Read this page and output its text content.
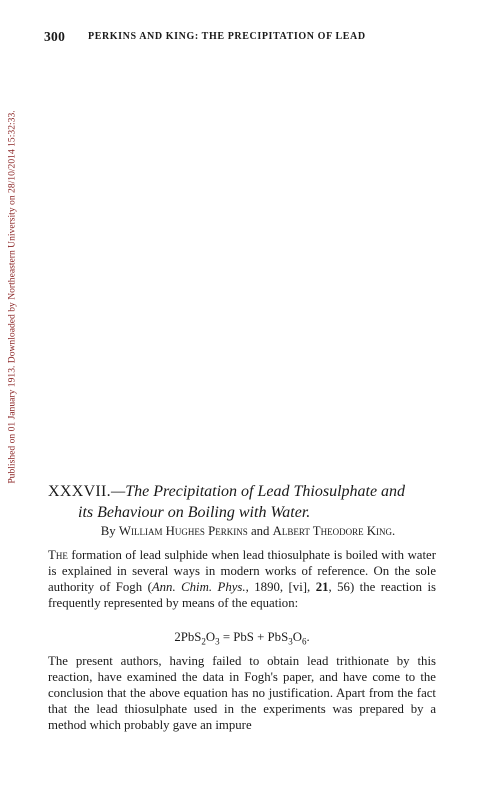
300 PERKINS AND KING: THE PRECIPITATION OF LEAD
Published on 01 January 1913. Downloaded by Northeastern University on 28/10/2014 15:32:33.
XXXVII.—The Precipitation of Lead Thiosulphate and
its Behaviour on Boiling with Water.
By William Hughes Perkins and Albert Theodore King.

The formation of lead sulphide when lead thiosulphate is boiled with water is explained in several ways in modern works of reference. On the sole authority of Fogh (Ann. Chim. Phys., 1890, [vi], 21, 56) the reaction is frequently represented by means of the equation:

$2PbS_2O_3$ = PbS + $PbS_3O_6$.

The present authors, having failed to obtain lead trithionate by this reaction, have examined the data in Fogh's paper, and have come to the conclusion that the above equation has no justification. Apart from the fact that the lead thiosulphate used in the experiments was prepared by a method which probably gave an impure
